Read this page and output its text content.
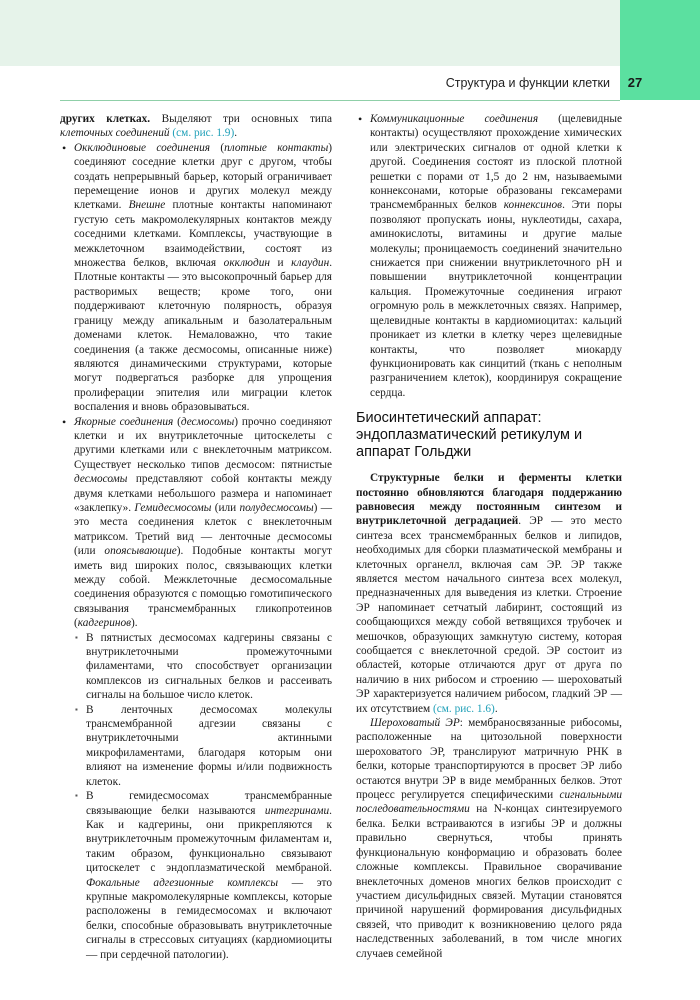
Структура и функции клетки	27

других клетках. Выделяют три основных типа клеточных соединений (см. рис. 1.9).

• Окклюдиновые соединения (плотные контакты) соединяют соседние клетки друг с другом, чтобы создать непрерывный барьер, который ограничивает перемещение ионов и других молекул между клетками. Внешне плотные контакты напоминают густую сеть макромолекулярных контактов между соседними клетками. Комплексы, участвующие в межклеточном взаимодействии, состоят из множества белков, включая окклюдин и клаудин. Плотные контакты — это высокопрочный барьер для растворимых веществ; кроме того, они поддерживают клеточную полярность, образуя границу между апикальным и базолатеральным доменами клеток. Немаловажно, что такие соединения (а также десмосомы, описанные ниже) являются динамическими структурами, которые могут подвергаться разборке для упрощения пролиферации эпителия или миграции клеток воспаления и вновь образовываться.
• Якорные соединения (десмосомы) прочно соединяют клетки и их внутриклеточные цитоскелеты с другими клетками или с внеклеточным матриксом. Существует несколько типов десмосом: пятнистые десмосомы представляют собой контакты между двумя клетками небольшого размера и напоминает «заклепку». Гемидесмосомы (или полудесмосомы) — это места соединения клеток с внеклеточным матриксом. Третий вид — ленточные десмосомы (или опоясывающие). Подобные контакты могут иметь вид широких полос, связывающих клетки между собой. Межклеточные десмосомальные соединения образуются с помощью гомотипического связывания трансмембранных гликопротеинов (кадгеринов).
▪ В пятнистых десмосомах кадгерины связаны с внутриклеточными промежуточными филаментами, что способствует организации комплексов из сигнальных белков и рассеивать сигналы на большое число клеток.
▪ В ленточных десмосомах молекулы трансмембранной адгезии связаны с внутриклеточными актинными микрофиламентами, благодаря которым они влияют на изменение формы и/или подвижность клеток.
▪ В гемидесмосомах трансмембранные связывающие белки называются интегринами. Как и кадгерины, они прикрепляются к внутриклеточным промежуточным филаментам и, таким образом, функционально связывают цитоскелет с эндоплазматической мембраной. Фокальные адгезионные комплексы — это крупные макромолекулярные комплексы, которые расположены в гемидесмосомах и включают белки, способные образовывать внутриклеточные сигналы в стрессовых ситуациях (кардиомиоциты — при сердечной патологии).
• Коммуникационные соединения (щелевидные контакты) осуществляют прохождение химических или электрических сигналов от одной клетки к другой. Соединения состоят из плоской плотной решетки с порами от 1,5 до 2 нм, называемыми коннексонами, которые образованы гексамерами трансмембранных белков коннексинов. Эти поры позволяют пропускать ионы, нуклеотиды, сахара, аминокислоты, витамины и другие малые молекулы; проницаемость соединений значительно снижается при снижении внутриклеточного pH и повышении внутриклеточной концентрации кальция. Промежуточные соединения играют огромную роль в межклеточных связях. Например, щелевидные контакты в кардиомиоцитах: кальций проникает из клетки в клетку через щелевидные контакты, что позволяет миокарду функционировать как синцитий (ткань с неполным разграничением клеток), координируя сокращение сердца.
Биосинтетический аппарат: эндоплазматический ретикулум и аппарат Гольджи

Структурные белки и ферменты клетки постоянно обновляются благодаря поддержанию равновесия между постоянным синтезом и внутриклеточной деградацией. ЭР — это место синтеза всех трансмембранных белков и липидов, необходимых для сборки плазматической мембраны и клеточных органелл, включая сам ЭР. ЭР также является местом начального синтеза всех молекул, предназначенных для выведения из клетки. Строение ЭР напоминает сетчатый лабиринт, состоящий из сообщающихся между собой ветвящихся трубочек и мешочков, образующих замкнутую систему, которая сообщается с внеклеточной средой. ЭР состоит из областей, которые отличаются друг от друга по наличию в них рибосом и строению — шероховатый ЭР характеризуется наличием рибосом, гладкий ЭР — их отсутствием (см. рис. 1.6).

Шероховатый ЭР: мембраносвязанные рибосомы, расположенные на цитозольной поверхности шероховатого ЭР, транслируют матричную РНК в белки, которые транспортируются в просвет ЭР либо остаются внутри ЭР в виде мембранных белков. Этот процесс регулируется специфическими сигнальными последовательностями на N-концах синтезируемого белка. Белки встраиваются в изгибы ЭР и должны правильно свернуться, чтобы принять функциональную конформацию и образовать более сложные комплексы. Правильное сворачивание внеклеточных доменов многих белков происходит с участием дисульфидных связей. Мутации становятся причиной нарушений формирования дисульфидных связей, что приводит к возникновению целого ряда наследственных заболеваний, в том числе многих случаев семейной
